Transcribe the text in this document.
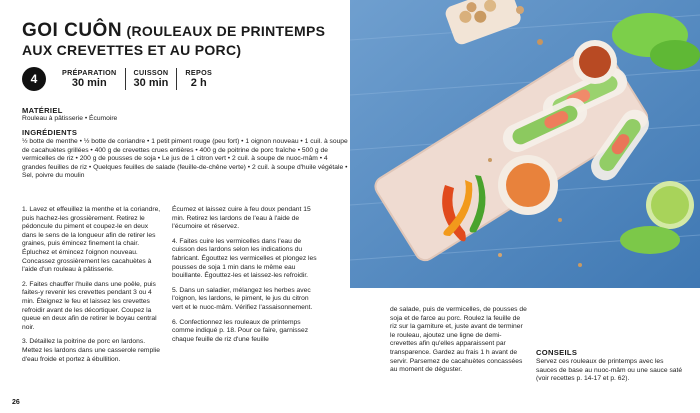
GOI CUÔN (ROULEAUX DE PRINTEMPS
AUX CREVETTES ET AU PORC)
4	PRÉPARATION
30 min
CUISSON
30 min
REPOS
2 h
MATÉRIEL
Rouleau à pâtisserie • Écumoire
INGRÉDIENTS
½ botte de menthe • ½ botte de coriandre • 1 petit piment rouge (peu fort) • 1 oignon nouveau • 1 cuil. à soupe de cacahuètes grillées • 400 g de crevettes crues entières • 400 g de poitrine de porc fraîche • 500 g de vermicelles de riz • 200 g de pousses de soja • Le jus de 1 citron vert • 2 cuil. à soupe de nuoc-mâm • 4 grandes feuilles de riz • Quelques feuilles de salade (feuille-de-chêne verte) • 2 cuil. à soupe d'huile végétale • Sel, poivre du moulin

1. Lavez et effeuillez la menthe et la coriandre, puis hachez-les grossièrement. Retirez le pédoncule du piment et coupez-le en deux dans le sens de la longueur afin de retirer les graines, puis émincez finement la chair. Épluchez et émincez l'oignon nouveau. Concassez grossièrement les cacahuètes à l'aide d'un rouleau à pâtisserie.

2. Faites chauffer l'huile dans une poêle, puis faites-y revenir les crevettes pendant 3 ou 4 min. Éteignez le feu et laissez les crevettes refroidir avant de les décortiquer. Coupez la queue en deux afin de retirer le boyau central noir.

3. Détaillez la poitrine de porc en lardons. Mettez les lardons dans une casserole remplie d'eau froide et portez à ébullition.

Écumez et laissez cuire à feu doux pendant 15 min. Retirez les lardons de l'eau à l'aide de l'écumoire et réservez.

4. Faites cuire les vermicelles dans l'eau de cuisson des lardons selon les indications du fabricant. Égouttez les vermicelles et plongez les pousses de soja 1 min dans le même eau bouillante. Égouttez-les et laissez-les refroidir.

5. Dans un saladier, mélangez les herbes avec l'oignon, les lardons, le piment, le jus du citron vert et le nuoc-mâm. Vérifiez l'assaisonnement.

6. Confectionnez les rouleaux de printemps comme indiqué p. 18. Pour ce faire, garnissez chaque feuille de riz d'une feuille

de salade, puis de vermicelles, de pousses de soja et de farce au porc. Roulez la feuille de riz sur la garniture et, juste avant de terminer le rouleau, ajoutez une ligne de demi-crevettes afin qu'elles apparaissent par transparence. Gardez au frais 1 h avant de servir. Parsemez de cacahuètes concassées au moment de déguster.
CONSEILS
Servez ces rouleaux de printemps avec les sauces de base au nuoc-mâm ou une sauce saté (voir recettes p. 14-17 et p. 62).
26
